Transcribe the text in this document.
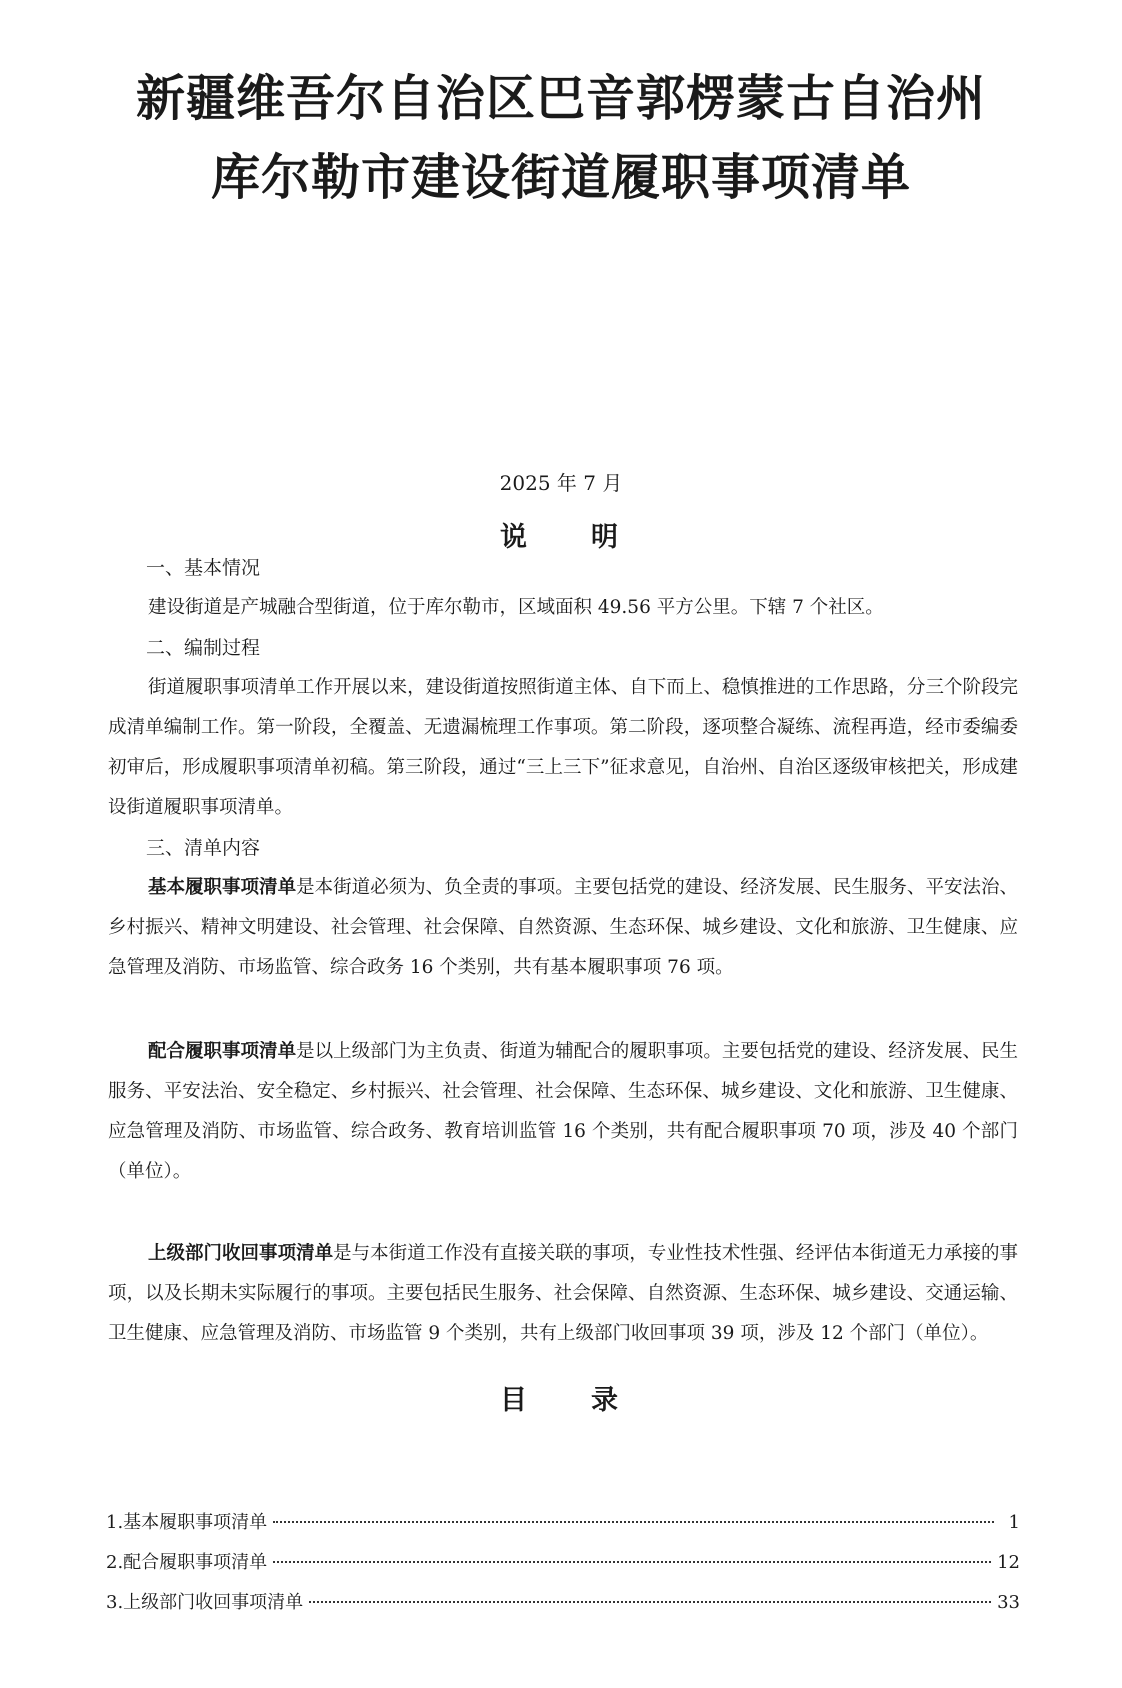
新疆维吾尔自治区巴音郭楞蒙古自治州
库尔勒市建设街道履职事项清单
2025 年 7 月
说 明
一、基本情况

建设街道是产城融合型街道，位于库尔勒市，区域面积 49.56 平方公里。下辖 7 个社区。

二、编制过程

街道履职事项清单工作开展以来，建设街道按照街道主体、自下而上、稳慎推进的工作思路，分三个阶段完成清单编制工作。第一阶段，全覆盖、无遗漏梳理工作事项。第二阶段，逐项整合凝练、流程再造，经市委编委初审后，形成履职事项清单初稿。第三阶段，通过“三上三下”征求意见，自治州、自治区逐级审核把关，形成建设街道履职事项清单。

三、清单内容

基本履职事项清单是本街道必须为、负全责的事项。主要包括党的建设、经济发展、民生服务、平安法治、乡村振兴、精神文明建设、社会管理、社会保障、自然资源、生态环保、城乡建设、文化和旅游、卫生健康、应急管理及消防、市场监管、综合政务 16 个类别，共有基本履职事项 76 项。

配合履职事项清单是以上级部门为主负责、街道为辅配合的履职事项。主要包括党的建设、经济发展、民生服务、平安法治、安全稳定、乡村振兴、社会管理、社会保障、生态环保、城乡建设、文化和旅游、卫生健康、应急管理及消防、市场监管、综合政务、教育培训监管 16 个类别，共有配合履职事项 70 项，涉及 40 个部门（单位）。

上级部门收回事项清单是与本街道工作没有直接关联的事项，专业性技术性强、经评估本街道无力承接的事项，以及长期未实际履行的事项。主要包括民生服务、社会保障、自然资源、生态环保、城乡建设、交通运输、卫生健康、应急管理及消防、市场监管 9 个类别，共有上级部门收回事项 39 项，涉及 12 个部门（单位）。

目 录
1.基本履职事项清单	1
2.配合履职事项清单	12
3.上级部门收回事项清单	33
